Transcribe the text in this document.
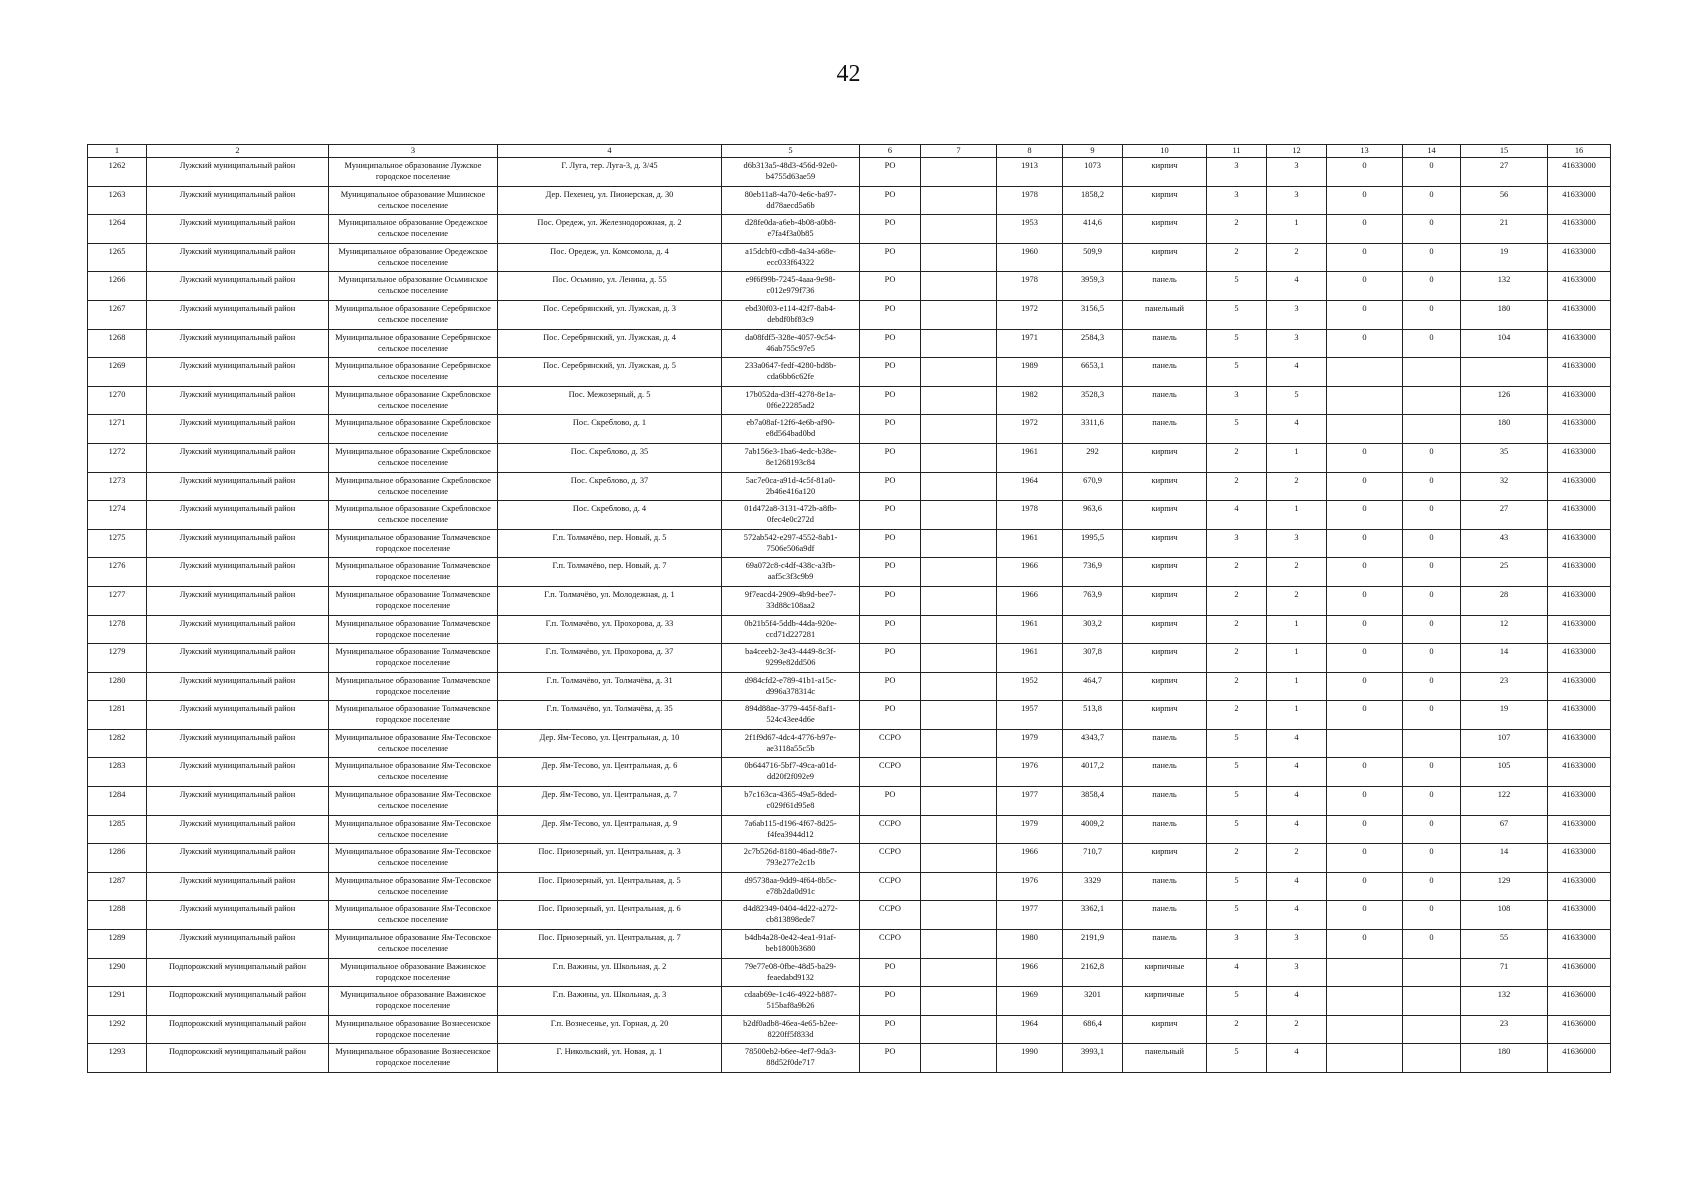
42
1	2	3	4	5	6	7	8	9	10	11	12	13	14	15	16
1262	Лужский муниципальный район	Муниципальное образование Лужское городское поселение	Г. Луга, тер. Луга-3, д. 3/45	d6b313a5-48d3-456d-92e0-b4755d63ae59	РО		1913	1073	кирпич	3	3	0	0	27	41633000
1263	Лужский муниципальный район	Муниципальное образование Мшинское сельское поселение	Дер. Пехенец, ул. Пионерская, д. 30	80eb11a8-4a70-4e6c-ba97-dd78aecd5a6b	РО		1978	1858,2	кирпич	3	3	0	0	56	41633000
1264	Лужский муниципальный район	Муниципальное образование Оредежское сельское поселение	Пос. Оредеж, ул. Железнодорожная, д. 2	d28fe0da-a6eb-4b08-a0b8-e7fa4f3a0b85	РО		1953	414,6	кирпич	2	1	0	0	21	41633000
1265	Лужский муниципальный район	Муниципальное образование Оредежское сельское поселение	Пос. Оредеж, ул. Комсомола, д. 4	a15dcbf0-cdb8-4a34-a68e-ecc033f64322	РО		1960	509,9	кирпич	2	2	0	0	19	41633000
1266	Лужский муниципальный район	Муниципальное образование Осьминское сельское поселение	Пос. Осьмино, ул. Ленина, д. 55	e9f6f99b-7245-4aaa-9e98-c012e979f736	РО		1978	3959,3	панель	5	4	0	0	132	41633000
1267	Лужский муниципальный район	Муниципальное образование Серебрянское сельское поселение	Пос. Серебрянский, ул. Лужская, д. 3	ebd30f03-e114-42f7-8ab4-debdf0bf83c9	РО		1972	3156,5	панельный	5	3	0	0	180	41633000
1268	Лужский муниципальный район	Муниципальное образование Серебрянское сельское поселение	Пос. Серебрянский, ул. Лужская, д. 4	da08fdf5-328e-4057-9c54-46ab755c97e5	РО		1971	2584,3	панель	5	3	0	0	104	41633000
1269	Лужский муниципальный район	Муниципальное образование Серебрянское сельское поселение	Пос. Серебрянский, ул. Лужская, д. 5	233a0647-fedf-4280-bd8b-cda6bb6c62fe	РО		1989	6653,1	панель	5	4				41633000
1270	Лужский муниципальный район	Муниципальное образование Скребловское сельское поселение	Пос. Межозерный, д. 5	17b052da-d3ff-4278-8e1a-0f6e22285ad2	РО		1982	3528,3	панель	3	5			126	41633000
1271	Лужский муниципальный район	Муниципальное образование Скребловское сельское поселение	Пос. Скреблово, д. 1	eb7a08af-12f6-4e6b-af90-e8d564bad0bd	РО		1972	3311,6	панель	5	4			180	41633000
1272	Лужский муниципальный район	Муниципальное образование Скребловское сельское поселение	Пос. Скреблово, д. 35	7ab156e3-1ba6-4edc-b38e-8e1268193c84	РО		1961	292	кирпич	2	1	0	0	35	41633000
1273	Лужский муниципальный район	Муниципальное образование Скребловское сельское поселение	Пос. Скреблово, д. 37	5ac7e0ca-a91d-4c5f-81a0-2b46e416a120	РО		1964	670,9	кирпич	2	2	0	0	32	41633000
1274	Лужский муниципальный район	Муниципальное образование Скребловское сельское поселение	Пос. Скреблово, д. 4	01d472a8-3131-472b-a8fb-0fec4e0c272d	РО		1978	963,6	кирпич	4	1	0	0	27	41633000
1275	Лужский муниципальный район	Муниципальное образование Толмачевское городское поселение	Г.п. Толмачёво, пер. Новый, д. 5	572ab542-e297-4552-8ab1-7506e506a9df	РО		1961	1995,5	кирпич	3	3	0	0	43	41633000
1276	Лужский муниципальный район	Муниципальное образование Толмачевское городское поселение	Г.п. Толмачёво, пер. Новый, д. 7	69a072c8-c4df-438c-a3fb-aaf5c3f3c9b9	РО		1966	736,9	кирпич	2	2	0	0	25	41633000
1277	Лужский муниципальный район	Муниципальное образование Толмачевское городское поселение	Г.п. Толмачёво, ул. Молодежная, д. 1	9f7eacd4-2909-4b9d-bee7-33d88c108aa2	РО		1966	763,9	кирпич	2	2	0	0	28	41633000
1278	Лужский муниципальный район	Муниципальное образование Толмачевское городское поселение	Г.п. Толмачёво, ул. Прохорова, д. 33	0b21b5f4-5ddb-44da-920e-ccd71d227281	РО		1961	303,2	кирпич	2	1	0	0	12	41633000
1279	Лужский муниципальный район	Муниципальное образование Толмачевское городское поселение	Г.п. Толмачёво, ул. Прохорова, д. 37	ba4ceeb2-3e43-4449-8c3f-9299e82dd506	РО		1961	307,8	кирпич	2	1	0	0	14	41633000
1280	Лужский муниципальный район	Муниципальное образование Толмачевское городское поселение	Г.п. Толмачёво, ул. Толмачёва, д. 31	d984cfd2-e789-41b1-a15c-d996a378314c	РО		1952	464,7	кирпич	2	1	0	0	23	41633000
1281	Лужский муниципальный район	Муниципальное образование Толмачевское городское поселение	Г.п. Толмачёво, ул. Толмачёва, д. 35	894d88ae-3779-445f-8af1-524c43ee4d6e	РО		1957	513,8	кирпич	2	1	0	0	19	41633000
1282	Лужский муниципальный район	Муниципальное образование Ям-Тесовское сельское поселение	Дер. Ям-Тесово, ул. Центральная, д. 10	2f1f9d67-4dc4-4776-b97e-ae3118a55c5b	ССРО		1979	4343,7	панель	5	4			107	41633000
1283	Лужский муниципальный район	Муниципальное образование Ям-Тесовское сельское поселение	Дер. Ям-Тесово, ул. Центральная, д. 6	0b644716-5bf7-49ca-a01d-dd20f2f092e9	ССРО		1976	4017,2	панель	5	4	0	0	105	41633000
1284	Лужский муниципальный район	Муниципальное образование Ям-Тесовское сельское поселение	Дер. Ям-Тесово, ул. Центральная, д. 7	b7c163ca-4365-49a5-8ded-c029f61d95e8	РО		1977	3858,4	панель	5	4	0	0	122	41633000
1285	Лужский муниципальный район	Муниципальное образование Ям-Тесовское сельское поселение	Дер. Ям-Тесово, ул. Центральная, д. 9	7a6ab115-d196-4f67-8d25-f4fea3944d12	ССРО		1979	4009,2	панель	5	4	0	0	67	41633000
1286	Лужский муниципальный район	Муниципальное образование Ям-Тесовское сельское поселение	Пос. Приозерный, ул. Центральная, д. 3	2c7b526d-8180-46ad-88e7-793e277e2c1b	ССРО		1966	710,7	кирпич	2	2	0	0	14	41633000
1287	Лужский муниципальный район	Муниципальное образование Ям-Тесовское сельское поселение	Пос. Приозерный, ул. Центральная, д. 5	d95738aa-9dd9-4f64-8b5c-e78b2da0d91c	ССРО		1976	3329	панель	5	4	0	0	129	41633000
1288	Лужский муниципальный район	Муниципальное образование Ям-Тесовское сельское поселение	Пос. Приозерный, ул. Центральная, д. 6	d4d82349-0404-4d22-a272-cb813898ede7	ССРО		1977	3362,1	панель	5	4	0	0	108	41633000
1289	Лужский муниципальный район	Муниципальное образование Ям-Тесовское сельское поселение	Пос. Приозерный, ул. Центральная, д. 7	b4db4a28-0e42-4ea1-91af-beb1800b3680	ССРО		1980	2191,9	панель	3	3	0	0	55	41633000
1290	Подпорожский муниципальный район	Муниципальное образование Важинское городское поселение	Г.п. Важины, ул. Школьная, д. 2	79e77e08-0fbe-48d5-ba29-feaedabd9132	РО		1966	2162,8	кирпичные	4	3			71	41636000
1291	Подпорожский муниципальный район	Муниципальное образование Важинское городское поселение	Г.п. Важины, ул. Школьная, д. 3	cdaab69e-1c46-4922-b887-515baf8a9b26	РО		1969	3201	кирпичные	5	4			132	41636000
1292	Подпорожский муниципальный район	Муниципальное образование Вознесенское городское поселение	Г.п. Вознесенье, ул. Горная, д. 20	b2df0adb8-46ea-4e65-b2ee-8220ff5f833d	РО		1964	686,4	кирпич	2	2			23	41636000
1293	Подпорожский муниципальный район	Муниципальное образование Вознесенское городское поселение	Г. Никольский, ул. Новая, д. 1	78500eb2-b6ee-4ef7-9da3-88d52f0de717	РО		1990	3993,1	панельный	5	4			180	41636000
